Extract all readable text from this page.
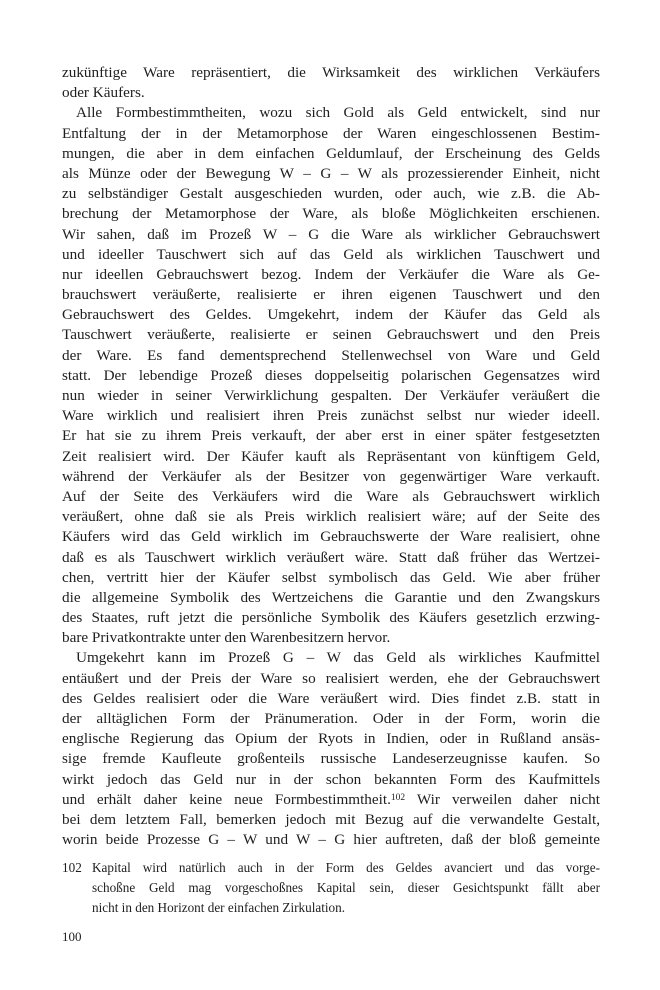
zukünftige Ware repräsentiert, die Wirksamkeit des wirklichen Verkäufers
oder Käufers.
Alle Formbestimmtheiten, wozu sich Gold als Geld entwickelt, sind nur
Entfaltung der in der Metamorphose der Waren eingeschlossenen Bestim-
mungen, die aber in dem einfachen Geldumlauf, der Erscheinung des Gelds
als Münze oder der Bewegung W – G – W als prozessierender Einheit, nicht
zu selbständiger Gestalt ausgeschieden wurden, oder auch, wie z.B. die Ab-
brechung der Metamorphose der Ware, als bloße Möglichkeiten erschienen.
Wir sahen, daß im Prozeß W – G die Ware als wirklicher Gebrauchswert
und ideeller Tauschwert sich auf das Geld als wirklichen Tauschwert und
nur ideellen Gebrauchswert bezog. Indem der Verkäufer die Ware als Ge-
brauchswert veräußerte, realisierte er ihren eigenen Tauschwert und den
Gebrauchswert des Geldes. Umgekehrt, indem der Käufer das Geld als
Tauschwert veräußerte, realisierte er seinen Gebrauchswert und den Preis
der Ware. Es fand dementsprechend Stellenwechsel von Ware und Geld
statt. Der lebendige Prozeß dieses doppelseitig polarischen Gegensatzes wird
nun wieder in seiner Verwirklichung gespalten. Der Verkäufer veräußert die
Ware wirklich und realisiert ihren Preis zunächst selbst nur wieder ideell.
Er hat sie zu ihrem Preis verkauft, der aber erst in einer später festgesetzten
Zeit realisiert wird. Der Käufer kauft als Repräsentant von künftigem Geld,
während der Verkäufer als der Besitzer von gegenwärtiger Ware verkauft.
Auf der Seite des Verkäufers wird die Ware als Gebrauchswert wirklich
veräußert, ohne daß sie als Preis wirklich realisiert wäre; auf der Seite des
Käufers wird das Geld wirklich im Gebrauchswerte der Ware realisiert, ohne
daß es als Tauschwert wirklich veräußert wäre. Statt daß früher das Wertzei-
chen, vertritt hier der Käufer selbst symbolisch das Geld. Wie aber früher
die allgemeine Symbolik des Wertzeichens die Garantie und den Zwangskurs
des Staates, ruft jetzt die persönliche Symbolik des Käufers gesetzlich erzwing-
bare Privatkontrakte unter den Warenbesitzern hervor.
Umgekehrt kann im Prozeß G – W das Geld als wirkliches Kaufmittel
entäußert und der Preis der Ware so realisiert werden, ehe der Gebrauchswert
des Geldes realisiert oder die Ware veräußert wird. Dies findet z.B. statt in
der alltäglichen Form der Pränumeration. Oder in der Form, worin die
englische Regierung das Opium der Ryots in Indien, oder in Rußland ansäs-
sige fremde Kaufleute großenteils russische Landeserzeugnisse kaufen. So
wirkt jedoch das Geld nur in der schon bekannten Form des Kaufmittels
und erhält daher keine neue Formbestimmtheit.$^{102}$ Wir verweilen daher nicht
bei dem letztem Fall, bemerken jedoch mit Bezug auf die verwandelte Gestalt,
worin beide Prozesse G – W und W – G hier auftreten, daß der bloß gemeinte
102 Kapital wird natürlich auch in der Form des Geldes avanciert und das vorge-
schoßne Geld mag vorgeschoßnes Kapital sein, dieser Gesichtspunkt fällt aber
nicht in den Horizont der einfachen Zirkulation.
100
